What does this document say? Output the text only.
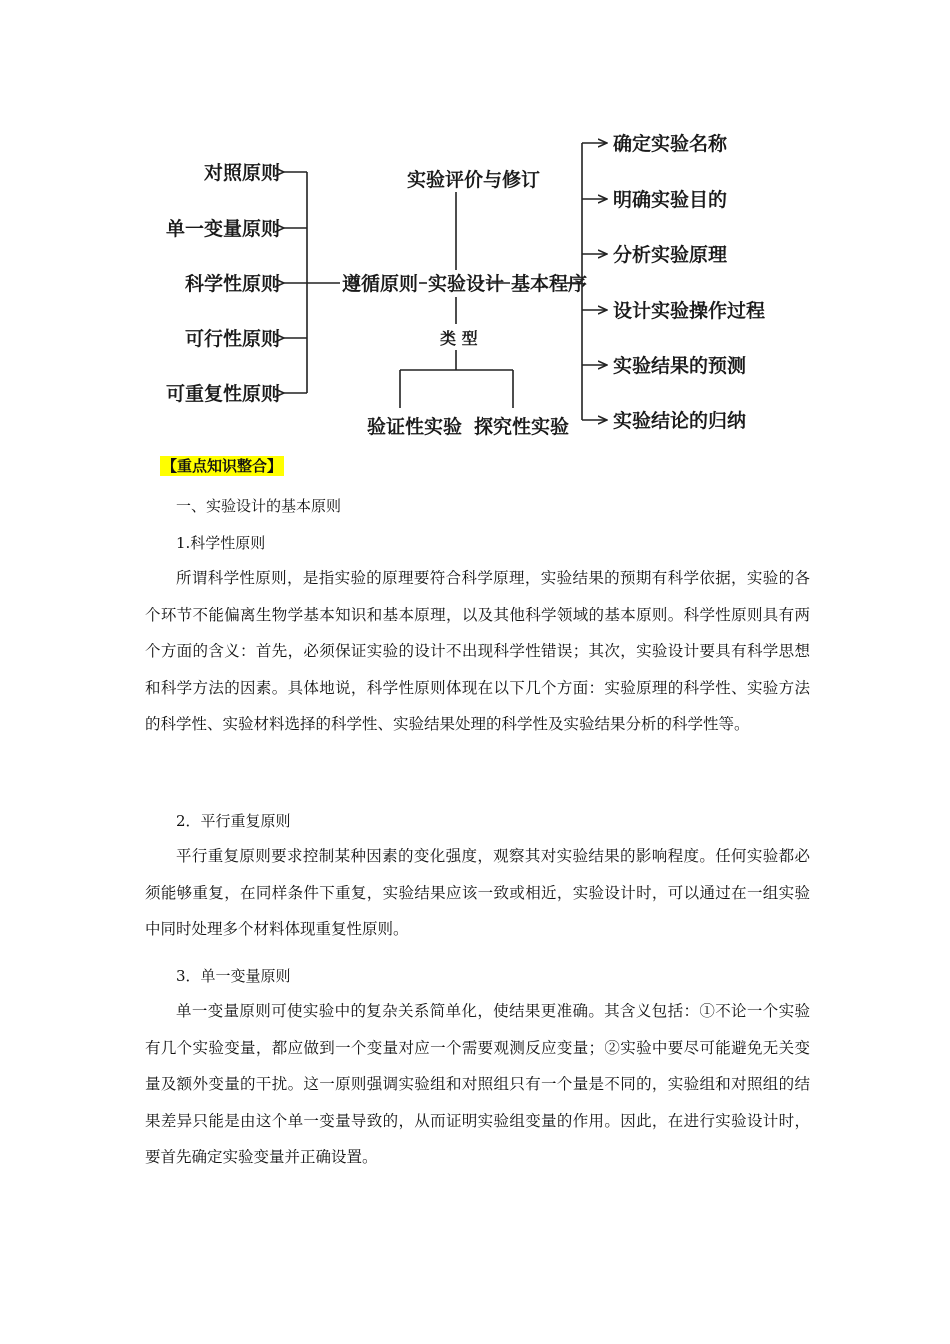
对照原则
单一变量原则
科学性原则
可行性原则
可重复性原则
遵循原则 实验设计 基本程序
实验评价与修订
类 型
验证性实验 探究性实验
确定实验名称
明确实验目的
分析实验原理
设计实验操作过程
实验结果的预测
实验结论的归纳
【重点知识整合】
一、实验设计的基本原则
1.科学性原则

所谓科学性原则，是指实验的原理要符合科学原理，实验结果的预期有科学依据，实验的各个环节不能偏离生物学基本知识和基本原理，以及其他科学领域的基本原则。科学性原则具有两个方面的含义：首先，必须保证实验的设计不出现科学性错误；其次，实验设计要具有科学思想和科学方法的因素。具体地说，科学性原则体现在以下几个方面：实验原理的科学性、实验方法的科学性、实验材料选择的科学性、实验结果处理的科学性及实验结果分析的科学性等。

2．平行重复原则

平行重复原则要求控制某种因素的变化强度，观察其对实验结果的影响程度。任何实验都必须能够重复，在同样条件下重复，实验结果应该一致或相近，实验设计时，可以通过在一组实验中同时处理多个材料体现重复性原则。

3．单一变量原则

单一变量原则可使实验中的复杂关系简单化，使结果更准确。其含义包括：①不论一个实验有几个实验变量，都应做到一个变量对应一个需要观测反应变量；②实验中要尽可能避免无关变量及额外变量的干扰。这一原则强调实验组和对照组只有一个量是不同的，实验组和对照组的结果差异只能是由这个单一变量导致的，从而证明实验组变量的作用。因此，在进行实验设计时，要首先确定实验变量并正确设置。
